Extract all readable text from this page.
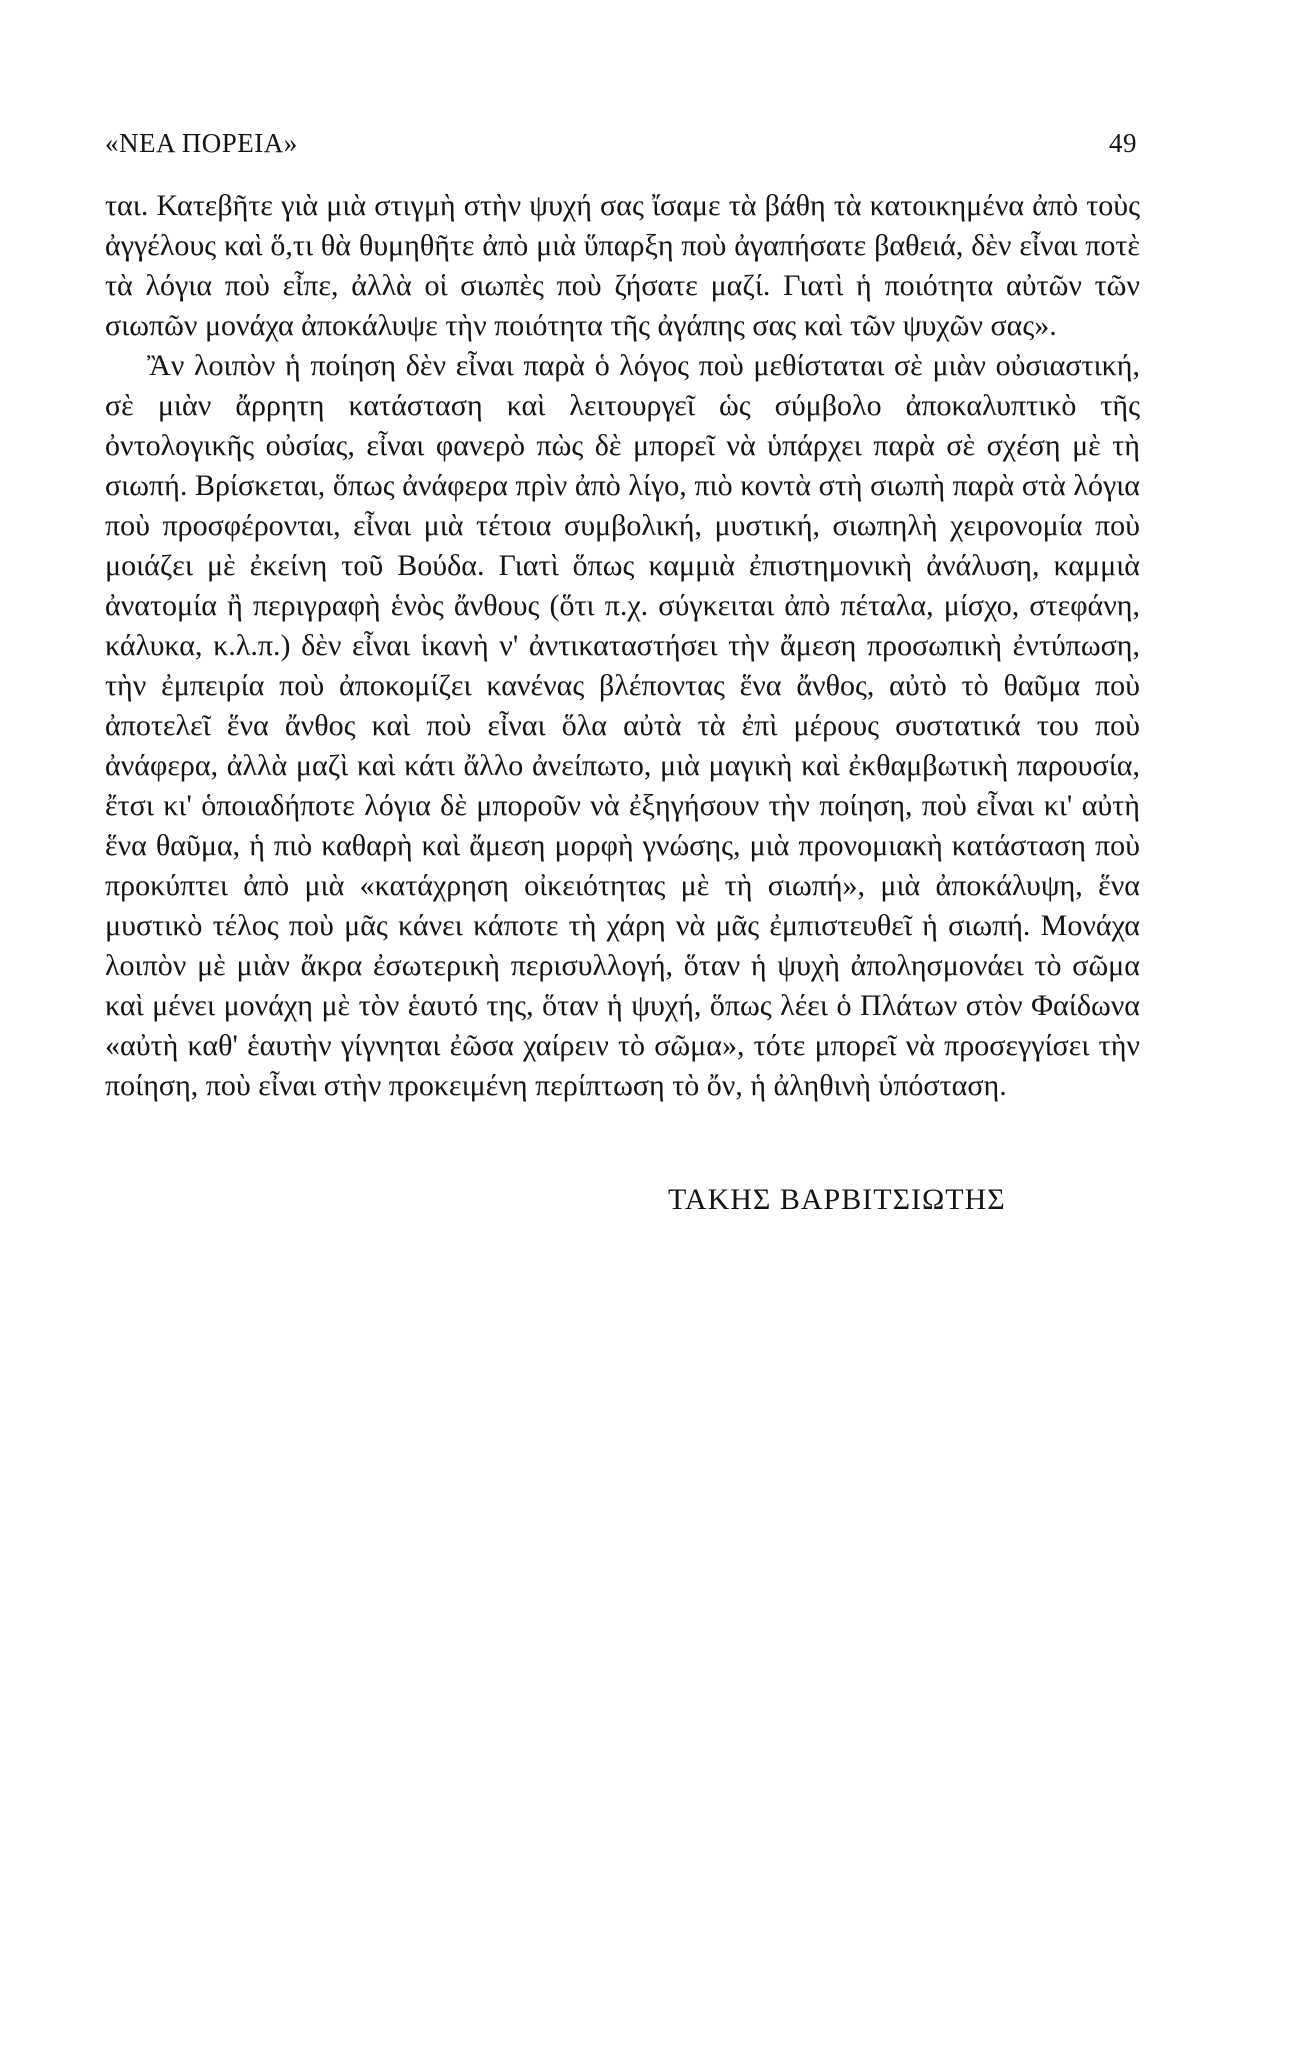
«ΝΕΑ ΠΟΡΕΙΑ»	49

ται. Κατεβῆτε γιὰ μιὰ στιγμὴ στὴν ψυχή σας ἴσαμε τὰ βάθη τὰ κατοικημένα ἀπὸ τοὺς ἀγγέλους καὶ ὅ,τι θὰ θυμηθῆτε ἀπὸ μιὰ ὕπαρξη ποὺ ἀγαπήσατε βαθειά, δὲν εἶναι ποτὲ τὰ λόγια ποὺ εἶπε, ἀλλὰ οἱ σιωπὲς ποὺ ζήσατε μαζί. Γιατὶ ἡ ποιότητα αὐτῶν τῶν σιωπῶν μονάχα ἀποκάλυψε τὴν ποιότητα τῆς ἀγάπης σας καὶ τῶν ψυχῶν σας».

Ἂν λοιπὸν ἡ ποίηση δὲν εἶναι παρὰ ὁ λόγος ποὺ μεθίσταται σὲ μιὰν οὐσιαστική, σὲ μιὰν ἄρρητη κατάσταση καὶ λειτουργεῖ ὡς σύμβολο ἀποκαλυπτικὸ τῆς ὀντολογικῆς οὐσίας, εἶναι φανερὸ πὼς δὲ μπορεῖ νὰ ὑπάρχει παρὰ σὲ σχέση μὲ τὴ σιωπή. Βρίσκεται, ὅπως ἀνάφερα πρὶν ἀπὸ λίγο, πιὸ κοντὰ στὴ σιωπὴ παρὰ στὰ λόγια ποὺ προσφέρονται, εἶναι μιὰ τέτοια συμβολική, μυστική, σιωπηλὴ χειρονομία ποὺ μοιάζει μὲ ἐκείνη τοῦ Βούδα. Γιατὶ ὅπως καμμιὰ ἐπιστημονικὴ ἀνάλυση, καμμιὰ ἀνατομία ἢ περιγραφὴ ἑνὸς ἄνθους (ὅτι π.χ. σύγκειται ἀπὸ πέταλα, μίσχο, στεφάνη, κάλυκα, κ.λ.π.) δὲν εἶναι ἱκανὴ ν' ἀντικαταστήσει τὴν ἄμεση προσωπικὴ ἐντύπωση, τὴν ἐμπειρία ποὺ ἀποκομίζει κανένας βλέποντας ἕνα ἄνθος, αὐτὸ τὸ θαῦμα ποὺ ἀποτελεῖ ἕνα ἄνθος καὶ ποὺ εἶναι ὅλα αὐτὰ τὰ ἐπὶ μέρους συστατικά του ποὺ ἀνάφερα, ἀλλὰ μαζὶ καὶ κάτι ἄλλο ἀνείπωτο, μιὰ μαγικὴ καὶ ἐκθαμβωτικὴ παρουσία, ἔτσι κι' ὁποιαδήποτε λόγια δὲ μποροῦν νὰ ἐξηγήσουν τὴν ποίηση, ποὺ εἶναι κι' αὐτὴ ἕνα θαῦμα, ἡ πιὸ καθαρὴ καὶ ἄμεση μορφὴ γνώσης, μιὰ προνομιακὴ κατάσταση ποὺ προκύπτει ἀπὸ μιὰ «κατάχρηση οἰκειότητας μὲ τὴ σιωπή», μιὰ ἀποκάλυψη, ἕνα μυστικὸ τέλος ποὺ μᾶς κάνει κάποτε τὴ χάρη νὰ μᾶς ἐμπιστευθεῖ ἡ σιωπή. Μονάχα λοιπὸν μὲ μιὰν ἄκρα ἐσωτερικὴ περισυλλογή, ὅταν ἡ ψυχὴ ἀπολησμονάει τὸ σῶμα καὶ μένει μονάχη μὲ τὸν ἑαυτό της, ὅταν ἡ ψυχή, ὅπως λέει ὁ Πλάτων στὸν Φαίδωνα «αὐτὴ καθ' ἑαυτὴν γίγνηται ἐῶσα χαίρειν τὸ σῶμα», τότε μπορεῖ νὰ προσεγγίσει τὴν ποίηση, ποὺ εἶναι στὴν προκειμένη περίπτωση τὸ ὄν, ἡ ἀληθινὴ ὑπόσταση.

ΤΑΚΗΣ ΒΑΡΒΙΤΣΙΩΤΗΣ
